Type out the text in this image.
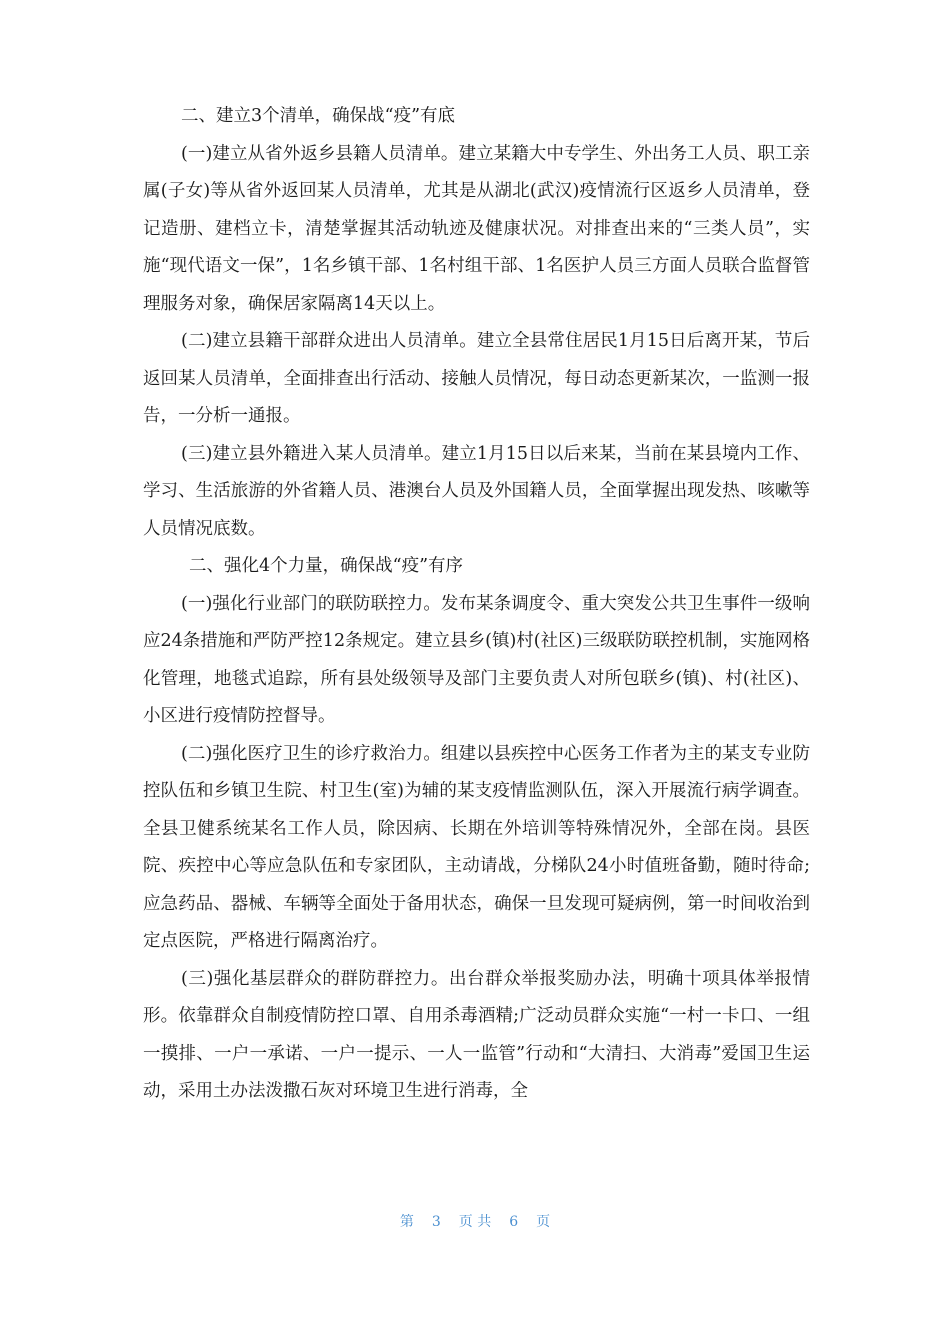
二、建立3个清单，确保战“疫”有底

(一)建立从省外返乡县籍人员清单。建立某籍大中专学生、外出务工人员、职工亲属(子女)等从省外返回某人员清单，尤其是从湖北(武汉)疫情流行区返乡人员清单，登记造册、建档立卡，清楚掌握其活动轨迹及健康状况。对排查出来的“三类人员”，实施“现代语文一保”，1名乡镇干部、1名村组干部、1名医护人员三方面人员联合监督管理服务对象，确保居家隔离14天以上。

(二)建立县籍干部群众进出人员清单。建立全县常住居民1月15日后离开某，节后返回某人员清单，全面排查出行活动、接触人员情况，每日动态更新某次，一监测一报告，一分析一通报。

(三)建立县外籍进入某人员清单。建立1月15日以后来某，当前在某县境内工作、学习、生活旅游的外省籍人员、港澳台人员及外国籍人员，全面掌握出现发热、咳嗽等人员情况底数。

二、强化4个力量，确保战“疫”有序

(一)强化行业部门的联防联控力。发布某条调度令、重大突发公共卫生事件一级响应24条措施和严防严控12条规定。建立县乡(镇)村(社区)三级联防联控机制，实施网格化管理，地毯式追踪，所有县处级领导及部门主要负责人对所包联乡(镇)、村(社区)、小区进行疫情防控督导。

(二)强化医疗卫生的诊疗救治力。组建以县疾控中心医务工作者为主的某支专业防控队伍和乡镇卫生院、村卫生(室)为辅的某支疫情监测队伍，深入开展流行病学调查。全县卫健系统某名工作人员，除因病、长期在外培训等特殊情况外，全部在岗。县医院、疾控中心等应急队伍和专家团队，主动请战，分梯队24小时值班备勤，随时待命;应急药品、器械、车辆等全面处于备用状态，确保一旦发现可疑病例，第一时间收治到定点医院，严格进行隔离治疗。

(三)强化基层群众的群防群控力。出台群众举报奖励办法，明确十项具体举报情形。依靠群众自制疫情防控口罩、自用杀毒酒精;广泛动员群众实施“一村一卡口、一组一摸排、一户一承诺、一户一提示、一人一监管”行动和“大清扫、大消毒”爱国卫生运动，采用土办法泼撒石灰对环境卫生进行消毒，全

第 3 页 共 6 页
